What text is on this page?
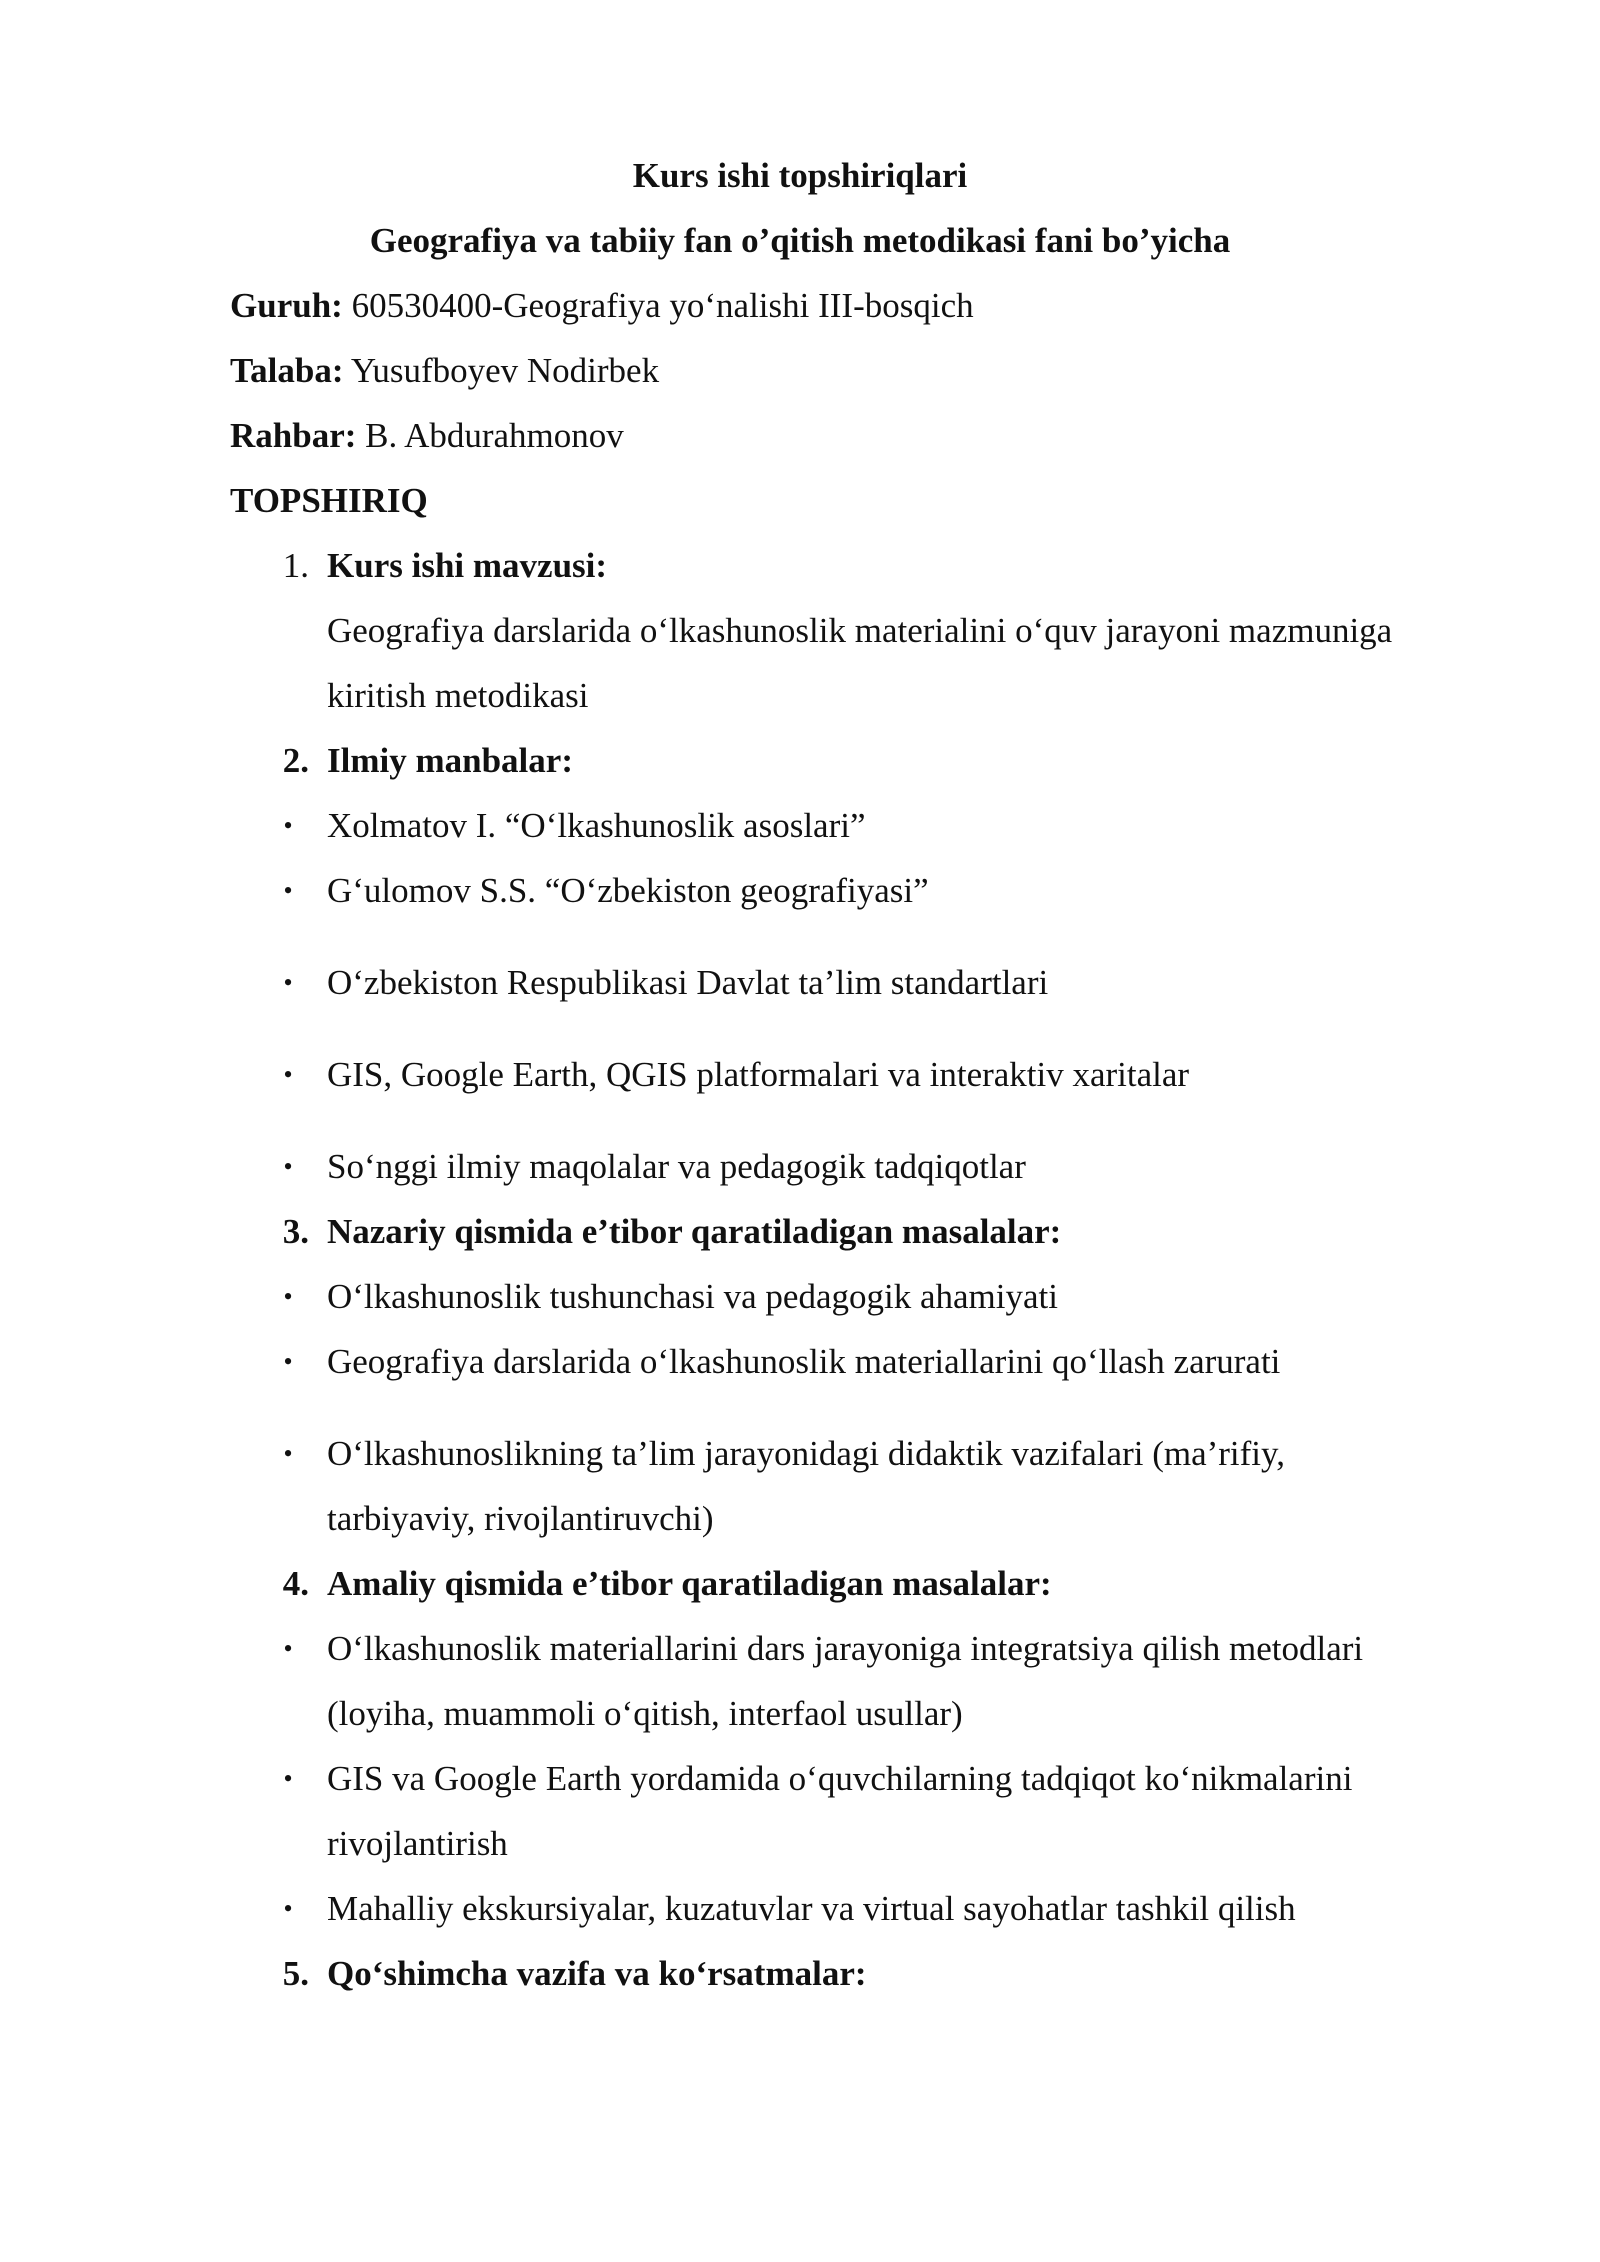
Kurs ishi topshiriqlari
Geografiya va tabiiy fan o’qitish metodikasi fani bo’yicha
Guruh: 60530400-Geografiya yoʻnalishi III-bosqich
Talaba: Yusufboyev Nodirbek
Rahbar: B. Abdurahmonov
TOPSHIRIQ
1. Kurs ishi mavzusi:
Geografiya darslarida oʻlkashunoslik materialini oʻquv jarayoni mazmuniga
kiritish metodikasi
2. Ilmiy manbalar:
• Xolmatov I. “Oʻlkashunoslik asoslari”
• Gʻulomov S.S. “Oʻzbekiston geografiyasi”
• Oʻzbekiston Respublikasi Davlat ta’lim standartlari
• GIS, Google Earth, QGIS platformalari va interaktiv xaritalar
• Soʻnggi ilmiy maqolalar va pedagogik tadqiqotlar
3. Nazariy qismida e’tibor qaratiladigan masalalar:
• Oʻlkashunoslik tushunchasi va pedagogik ahamiyati
• Geografiya darslarida oʻlkashunoslik materiallarini qoʻllash zarurati
• Oʻlkashunoslikning ta’lim jarayonidagi didaktik vazifalari (ma’rifiy,
tarbiyaviy, rivojlantiruvchi)
4. Amaliy qismida e’tibor qaratiladigan masalalar:
• Oʻlkashunoslik materiallarini dars jarayoniga integratsiya qilish metodlari
(loyiha, muammoli oʻqitish, interfaol usullar)
• GIS va Google Earth yordamida oʻquvchilarning tadqiqot koʻnikmalarini
rivojlantirish
• Mahalliy ekskursiyalar, kuzatuvlar va virtual sayohatlar tashkil qilish
5. Qoʻshimcha vazifa va koʻrsatmalar:
